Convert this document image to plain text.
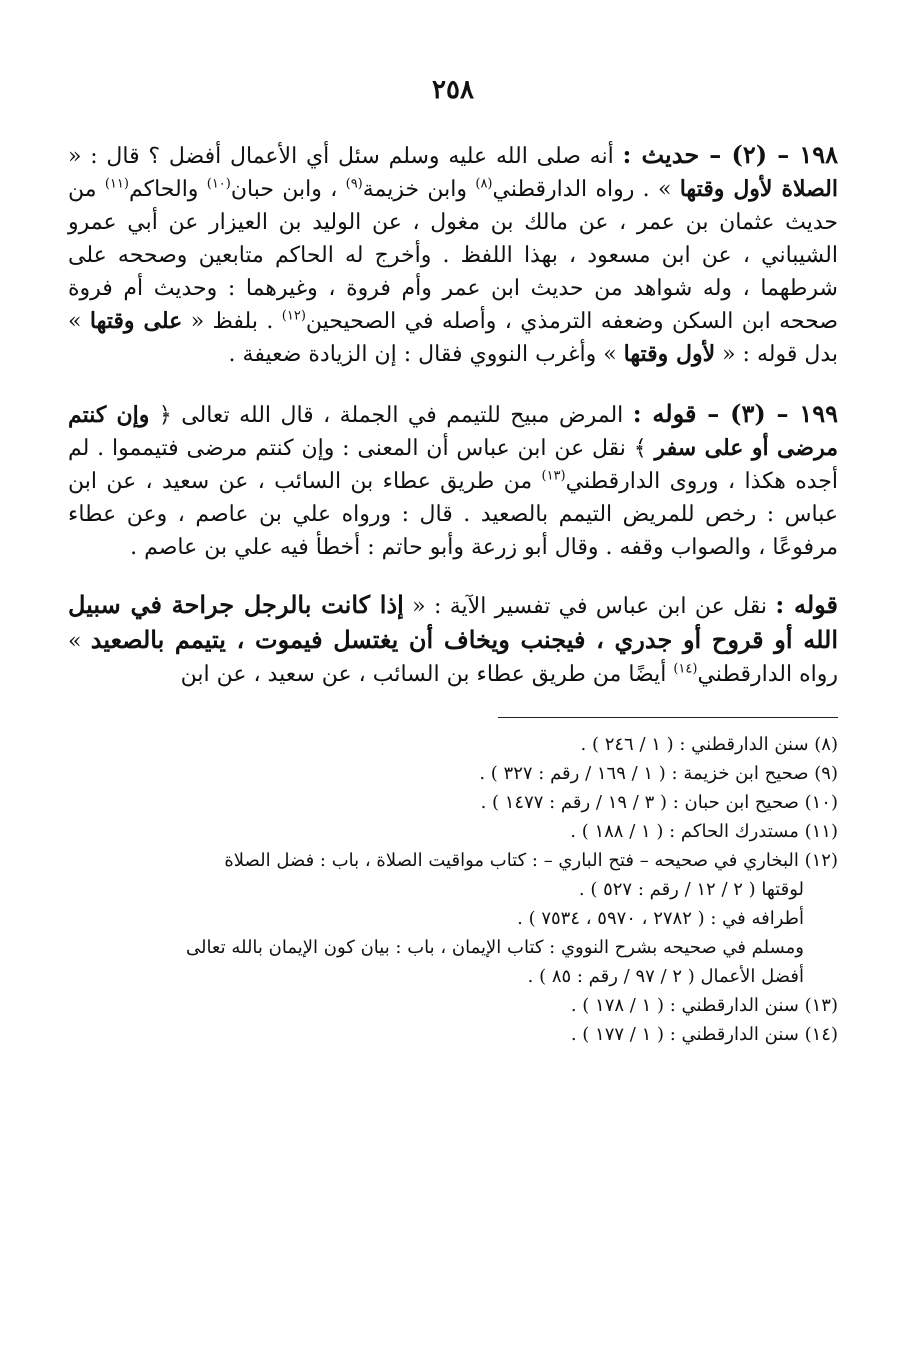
٢٥٨

١٩٨ – (٢) – حديث : أنه صلى الله عليه وسلم سئل أي الأعمال أفضل ؟ قال : « الصلاة لأول وقتها » . رواه الدارقطني$^{(٨)}$ وابن خزيمة$^{(٩)}$ ، وابن حبان$^{(١٠)}$ والحاكم$^{(١١)}$ من حديث عثمان بن عمر ، عن مالك بن مغول ، عن الوليد بن العيزار عن أبي عمرو الشيباني ، عن ابن مسعود ، بهذا اللفظ . وأخرج له الحاكم متابعين وصححه على شرطهما ، وله شواهد من حديث ابن عمر وأم فروة ، وغيرهما : وحديث أم فروة صححه ابن السكن وضعفه الترمذي ، وأصله في الصحيحين$^{(١٢)}$ . بلفظ « على وقتها » بدل قوله : « لأول وقتها » وأغرب النووي فقال : إن الزيادة ضعيفة .

١٩٩ – (٣) – قوله : المرض مبيح للتيمم في الجملة ، قال الله تعالى ﴿ وإن كنتم مرضى أو على سفر ﴾ نقل عن ابن عباس أن المعنى : وإن كنتم مرضى فتيمموا . لم أجده هكذا ، وروى الدارقطني$^{(١٣)}$ من طريق عطاء بن السائب ، عن سعيد ، عن ابن عباس : رخص للمريض التيمم بالصعيد . قال : ورواه علي بن عاصم ، وعن عطاء مرفوعًا ، والصواب وقفه . وقال أبو زرعة وأبو حاتم : أخطأ فيه علي بن عاصم .

قوله : نقل عن ابن عباس في تفسير الآية : « إذا كانت بالرجل جراحة في سبيل الله أو قروح أو جدري ، فيجنب ويخاف أن يغتسل فيموت ، يتيمم بالصعيد » رواه الدارقطني$^{(١٤)}$ أيضًا من طريق عطاء بن السائب ، عن سعيد ، عن ابن

(٨) سنن الدارقطني : ( ١ / ٢٤٦ ) .

(٩) صحيح ابن خزيمة : ( ١ / ١٦٩ / رقم : ٣٢٧ ) .

(١٠) صحيح ابن حبان : ( ٣ / ١٩ / رقم : ١٤٧٧ ) .

(١١) مستدرك الحاكم : ( ١ / ١٨٨ ) .

(١٢) البخاري في صحيحه – فتح الباري – : كتاب مواقيت الصلاة ، باب : فضل الصلاة

لوقتها ( ٢ / ١٢ / رقم : ٥٢٧ ) .

أطرافه في : ( ٢٧٨٢ ، ٥٩٧٠ ، ٧٥٣٤ ) .

ومسلم في صحيحه بشرح النووي : كتاب الإيمان ، باب : بيان كون الإيمان بالله تعالى

أفضل الأعمال ( ٢ / ٩٧ / رقم : ٨٥ ) .

(١٣) سنن الدارقطني : ( ١ / ١٧٨ ) .

(١٤) سنن الدارقطني : ( ١ / ١٧٧ ) .
